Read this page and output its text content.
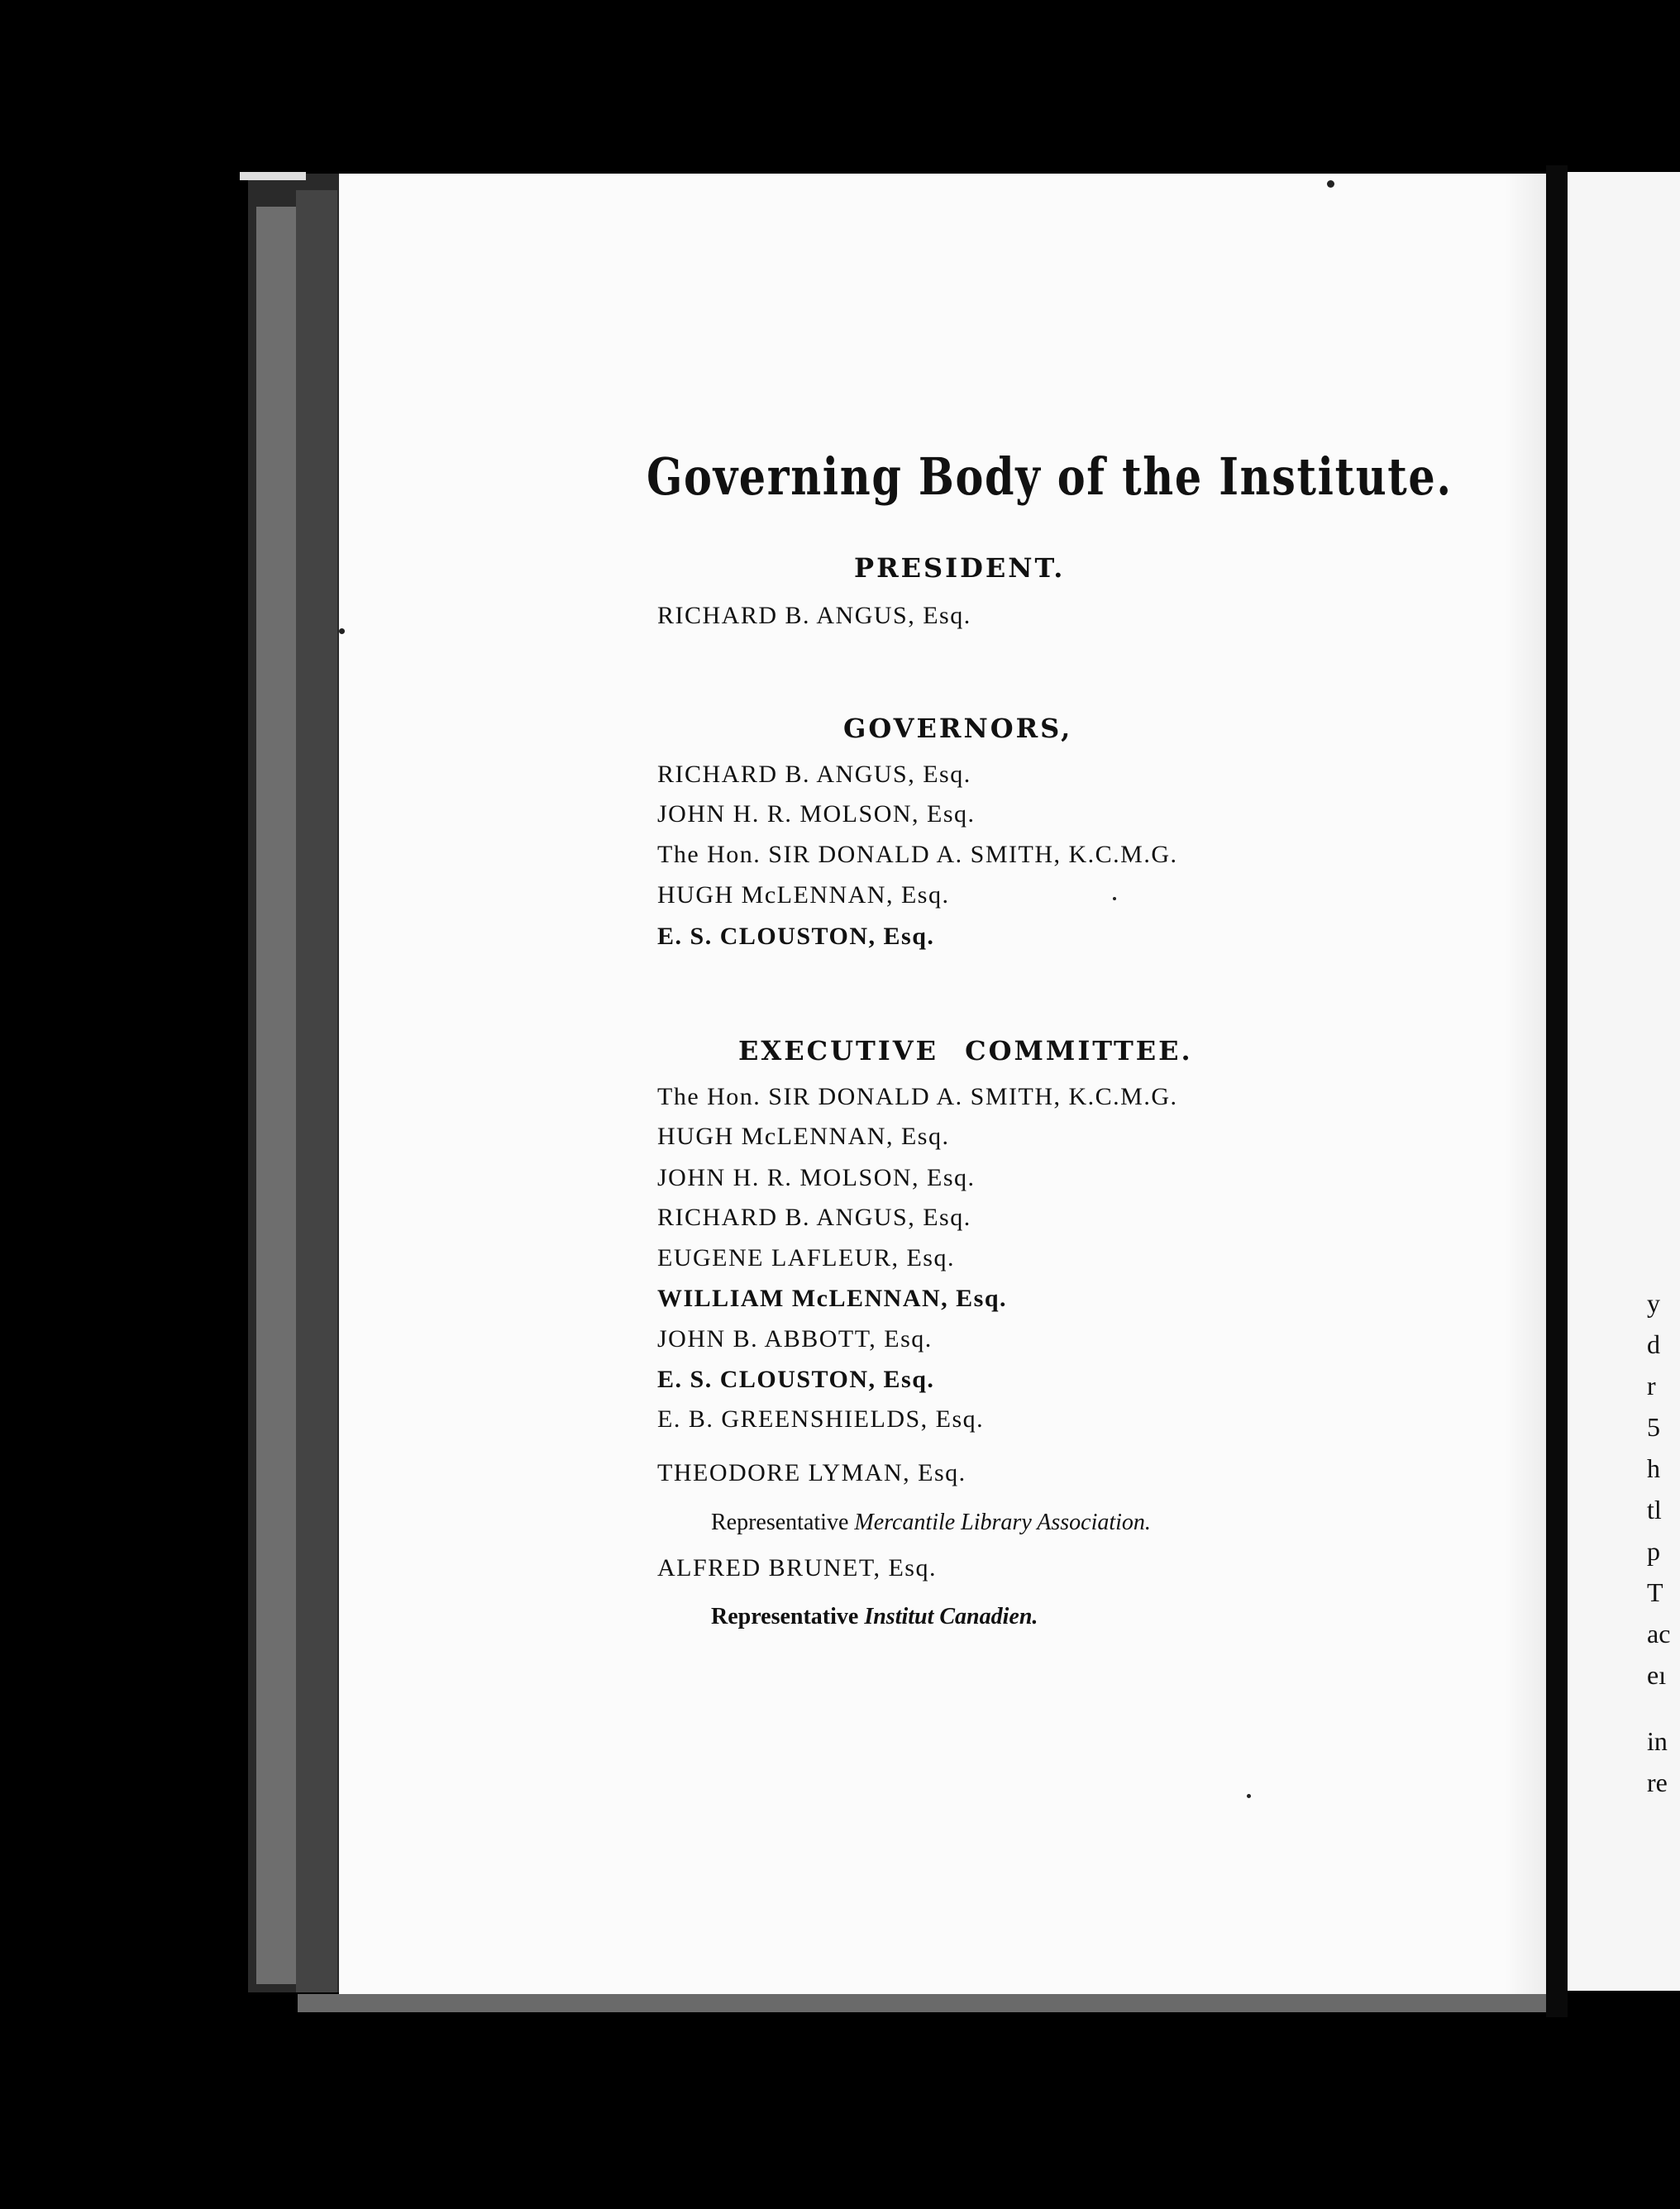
y
d
r
5
h
tl
p
T
ac
eı
in
re
Governing Body of the Institute.
PRESIDENT.
RICHARD B. ANGUS, Esq.
GOVERNORS,
RICHARD B. ANGUS, Esq.
JOHN H. R. MOLSON, Esq.
The Hon. SIR DONALD A. SMITH, K.C.M.G.
HUGH McLENNAN, Esq.
E. S. CLOUSTON, Esq.
EXECUTIVE COMMITTEE.
The Hon. SIR DONALD A. SMITH, K.C.M.G.
HUGH McLENNAN, Esq.
JOHN H. R. MOLSON, Esq.
RICHARD B. ANGUS, Esq.
EUGENE LAFLEUR, Esq.
WILLIAM McLENNAN, Esq.
JOHN B. ABBOTT, Esq.
E. S. CLOUSTON, Esq.
E. B. GREENSHIELDS, Esq.
THEODORE LYMAN, Esq.
Representative Mercantile Library Association.
ALFRED BRUNET, Esq.
Representative Institut Canadien.
